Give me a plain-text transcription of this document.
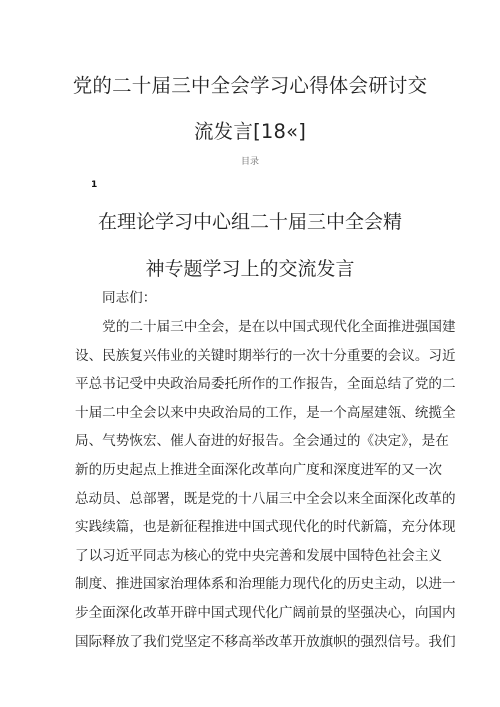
党的二十届三中全会学习心得体会研讨交
流发言[18«]
目录
1
在理论学习中心组二十届三中全会精
神专题学习上的交流发言
同志们：
　　党的二十届三中全会，是在以中国式现代化全面推进强国建
设、民族复兴伟业的关键时期举行的一次十分重要的会议。习近
平总书记受中央政治局委托所作的工作报告，全面总结了党的二
十届二中全会以来中央政治局的工作，是一个高屋建瓴、统揽全
局、气势恢宏、催人奋进的好报告。全会通过的《决定》，是在
新的历史起点上推进全面深化改革向广度和深度进军的又一次
总动员、总部署，既是党的十八届三中全会以来全面深化改革的
实践续篇，也是新征程推进中国式现代化的时代新篇，充分体现
了以习近平同志为核心的党中央完善和发展中国特色社会主义
制度、推进国家治理体系和治理能力现代化的历史主动，以进一
步全面深化改革开辟中国式现代化广阔前景的坚强决心，向国内
国际释放了我们党坚定不移高举改革开放旗帜的强烈信号。我们
